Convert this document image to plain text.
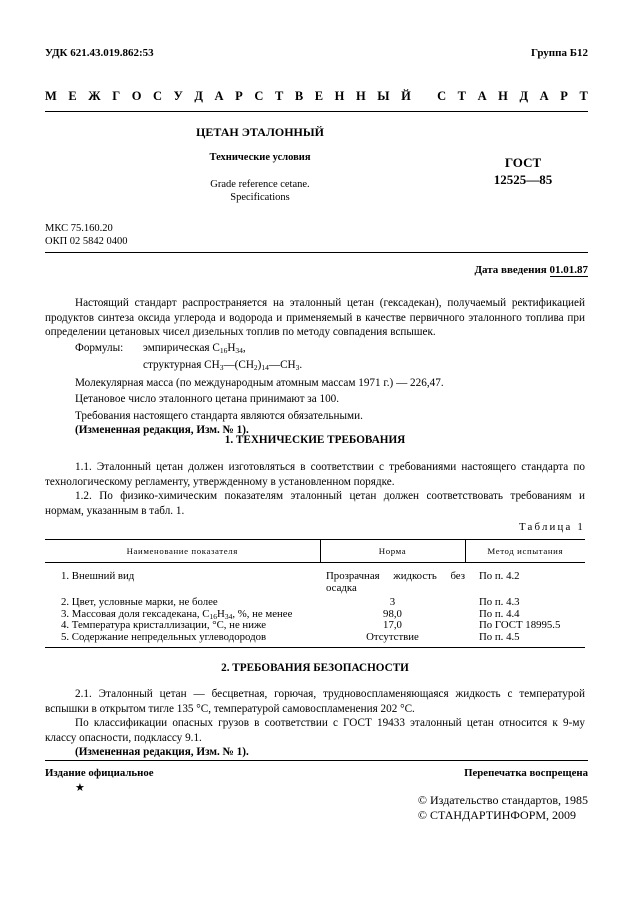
УДК 621.43.019.862:53	Группа Б12
М Е Ж Г О С У Д А Р С Т В Е Н Н Ы Й
С Т А Н Д А Р Т
ЦЕТАН ЭТАЛОННЫЙ
Технические условия
Grade reference cetane.
Specifications
ГОСТ
12525—85
МКС 75.160.20
ОКП 02 5842 0400
Дата введения 01.01.87

Настоящий стандарт распространяется на эталонный цетан (гексадекан), получаемый ректификацией продуктов синтеза оксида углерода и водорода и применяемый в качестве первичного эталонного топлива при определении цетановых чисел дизельных топлив по методу совпадения вспышек.

Формулы: эмпирическая $C_{16}H_{34}$,

структурная $CH_3—(CH_2)_{14}—CH_3$.

Молекулярная масса (по международным атомным массам 1971 г.) — 226,47.

Цетановое число эталонного цетана принимают за 100.

Требования настоящего стандарта являются обязательными.

(Измененная редакция, Изм. № 1).

1. ТЕХНИЧЕСКИЕ ТРЕБОВАНИЯ

1.1. Эталонный цетан должен изготовляться в соответствии с требованиями настоящего стандарта по технологическому регламенту, утвержденному в установленном порядке.

1.2. По физико-химическим показателям эталонный цетан должен соответствовать требованиям и нормам, указанным в табл. 1.

Таблица 1
Наименование показателя	Норма	Метод испытания
1. Внешний вид	Прозрачная жидкость без осадка	По п. 4.2
2. Цвет, условные марки, не более	3	По п. 4.3
3. Массовая доля гексадекана, $C_{16}H_{34}$, %, не менее	98,0	По п. 4.4
4. Температура кристаллизации, °С, не ниже	17,0	По ГОСТ 18995.5
5. Содержание непредельных углеводородов	Отсутствие	По п. 4.5
2. ТРЕБОВАНИЯ БЕЗОПАСНОСТИ

2.1. Эталонный цетан — бесцветная, горючая, трудновоспламеняющаяся жидкость с температурой вспышки в открытом тигле 135 °С, температурой самовоспламенения 202 °С.

По классификации опасных грузов в соответствии с ГОСТ 19433 эталонный цетан относится к 9-му классу опасности, подклассу 9.1.

(Измененная редакция, Изм. № 1).

Издание официальное
★
Перепечатка воспрещена
© Издательство стандартов, 1985
© СТАНДАРТИНФОРМ, 2009
